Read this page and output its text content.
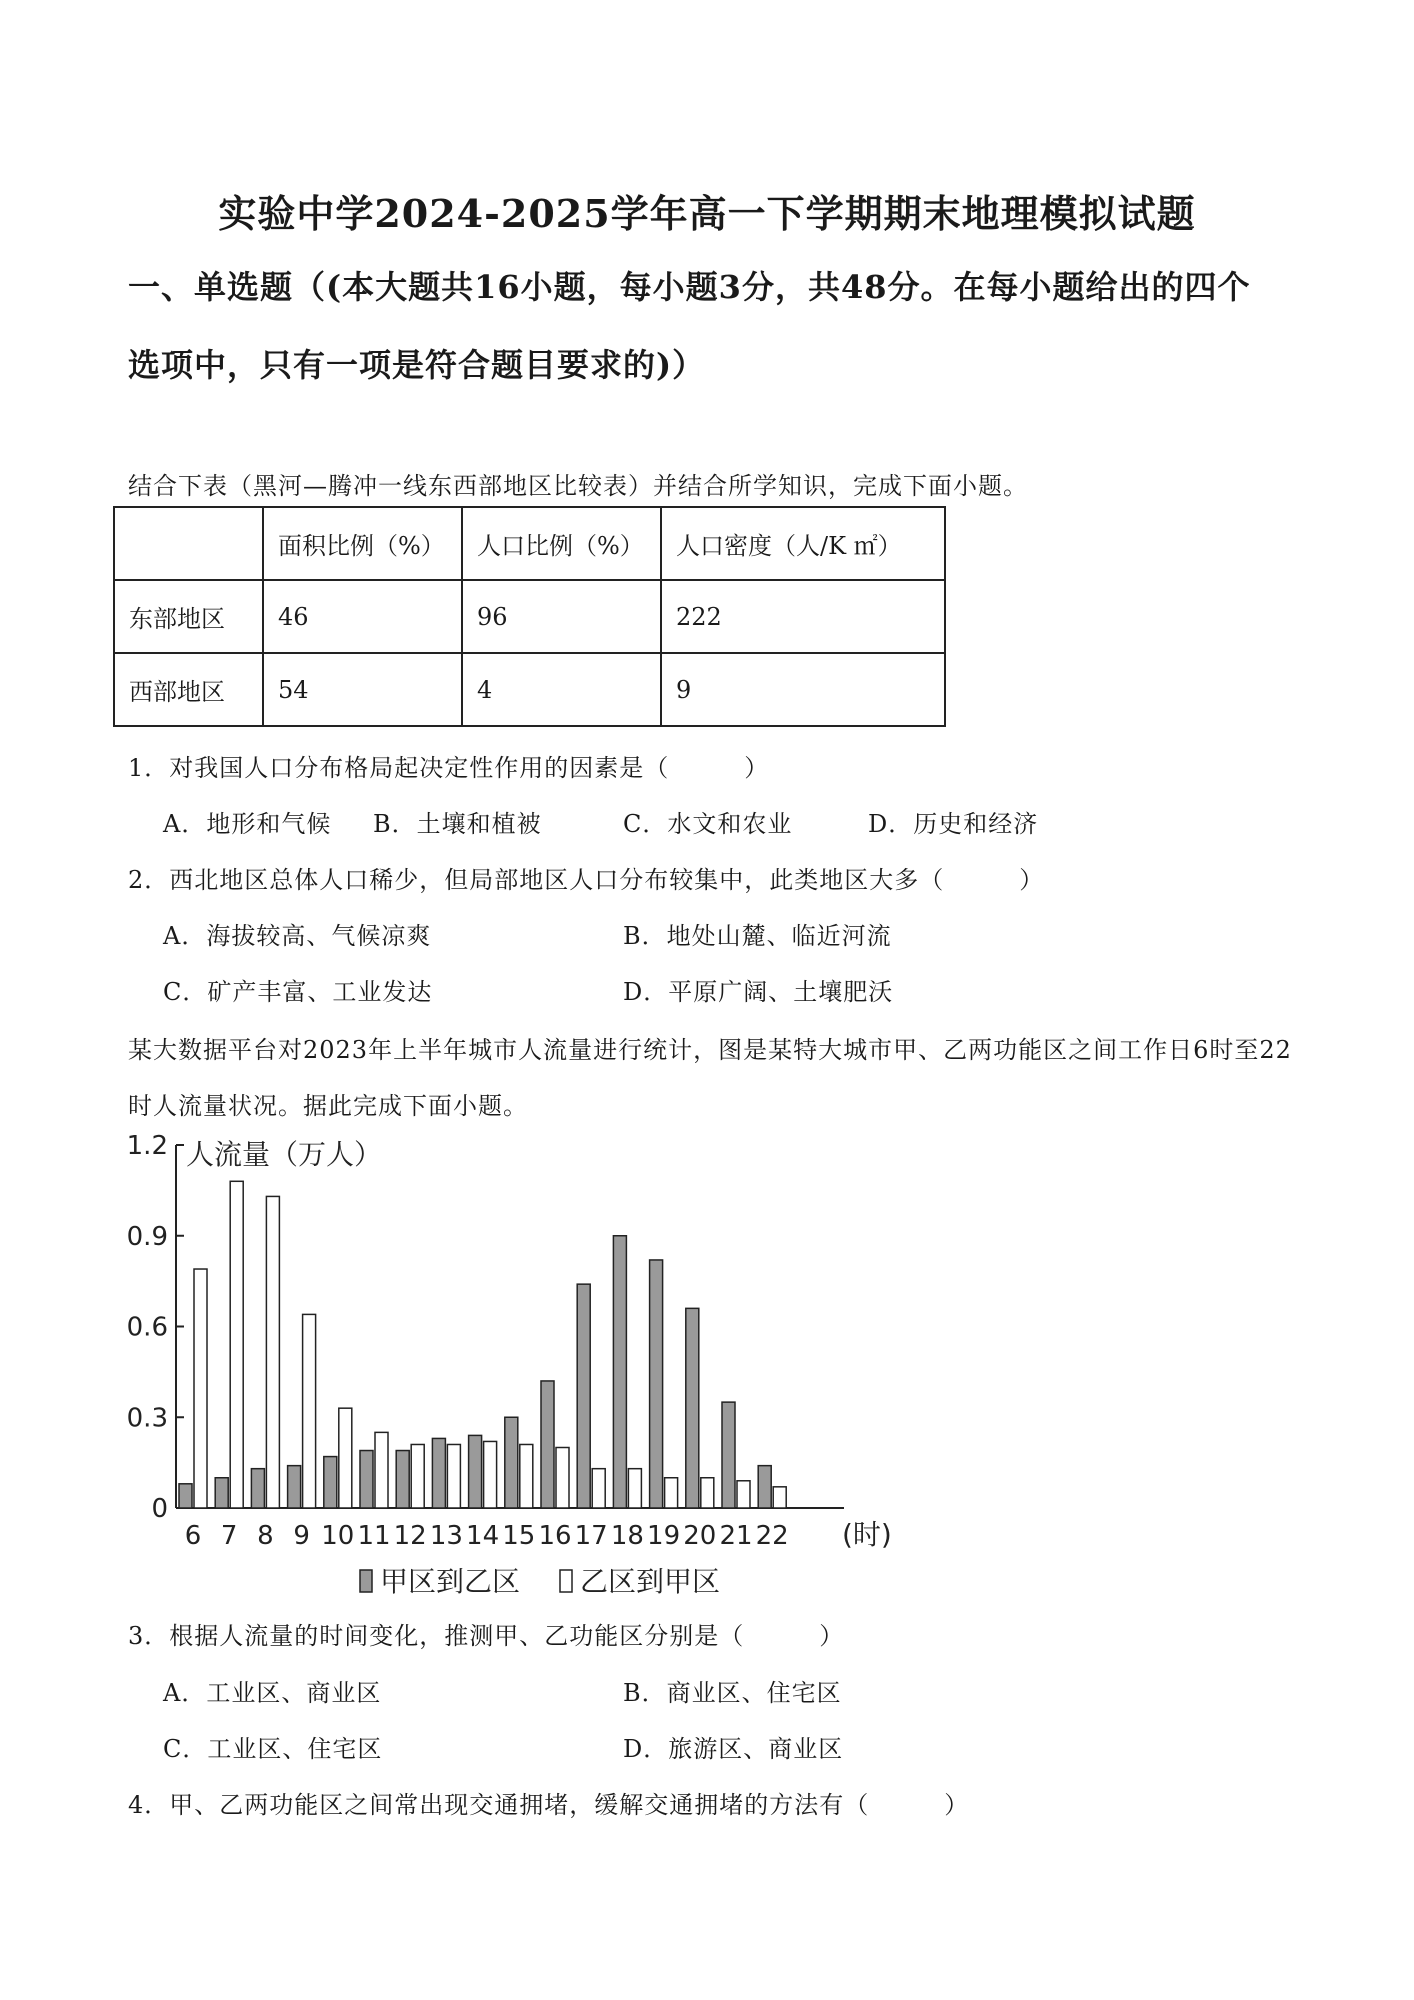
实验中学2024-2025学年高一下学期期末地理模拟试题
一、单选题（(本大题共16小题，每小题3分，共48分。在每小题给出的四个
选项中，只有一项是符合题目要求的)）
结合下表（黑河—腾冲一线东西部地区比较表）并结合所学知识，完成下面小题。
	面积比例（%）	人口比例（%）	人口密度（人/K ㎡）
东部地区	46	96	222
西部地区	54	4	9
1．对我国人口分布格局起决定性作用的因素是（　　　）
A．地形和气候 B．土壤和植被	C．水文和农业	D．历史和经济
2．西北地区总体人口稀少，但局部地区人口分布较集中，此类地区大多（　　　）
A．海拔较高、气候凉爽	B．地处山麓、临近河流
C．矿产丰富、工业发达	D．平原广阔、土壤肥沃
某大数据平台对2023年上半年城市人流量进行统计，图是某特大城市甲、乙两功能区之间工作日6时至22
时人流量状况。据此完成下面小题。
人流量（万人）
(时)
1.2
0.9
0.6
0.3
0
6 7 8 9 10 11 12 13 14 15 16 17 18 19 20 21 22
甲区到乙区 乙区到甲区
3．根据人流量的时间变化，推测甲、乙功能区分别是（　　　）
A．工业区、商业区	B．商业区、住宅区
C．工业区、住宅区	D．旅游区、商业区
4．甲、乙两功能区之间常出现交通拥堵，缓解交通拥堵的方法有（　　　）
